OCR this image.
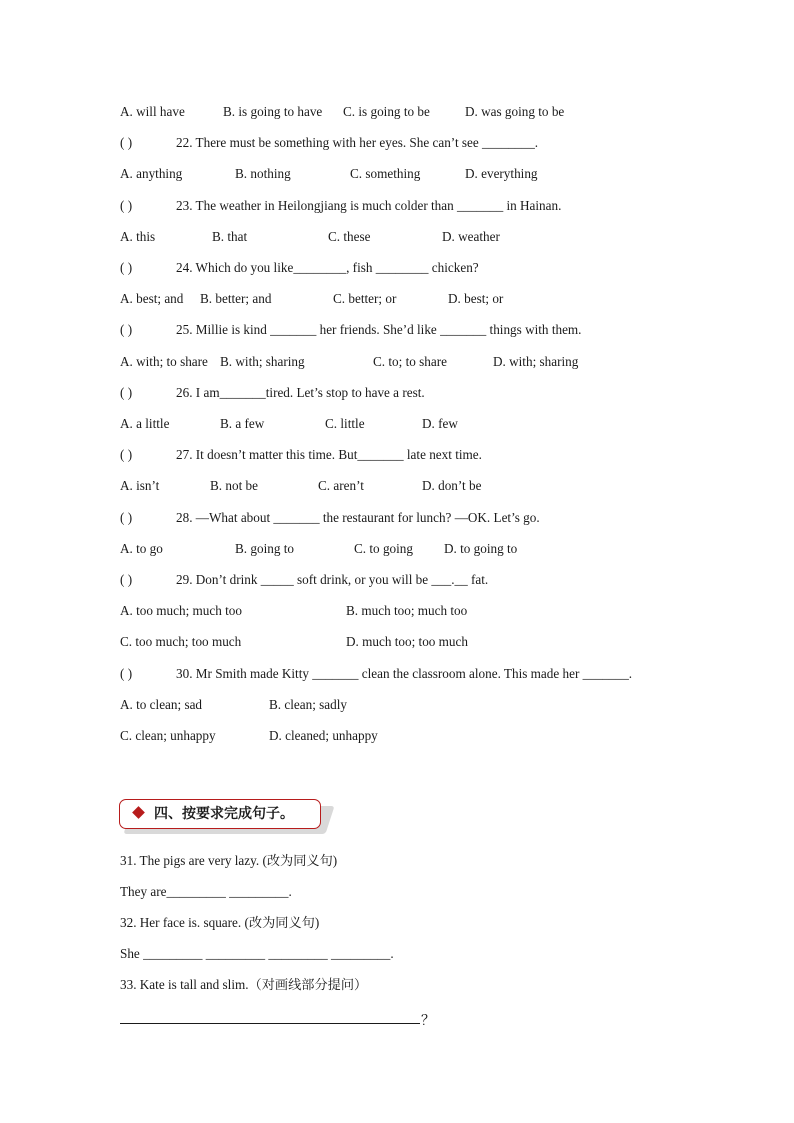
A. will have	B. is going to have C. is going to be	D. was going to be
( )	22. There must be something with her eyes. She can’t see ________.
A. anything	B. nothing	C. something	D. everything
( )	23. The weather in Heilongjiang is much colder than _______ in Hainan.
A. this	B. that	C. these	D. weather
( )	24. Which do you like________, fish ________ chicken?
A. best; and B. better; and	C. better; or	D. best; or
( )	25. Millie is kind _______ her friends. She’d like _______ things with them.
A. with; to share B. with; sharing	C. to; to share	D. with; sharing
( )	26. I am_______tired. Let’s stop to have a rest.
A. a little	B. a few	C. little	D. few
( )	27. It doesn’t matter this time. But_______ late next time.
A. isn’t	B. not be	C. aren’t	D. don’t be
( )	28. —What about _______ the restaurant for lunch? —OK. Let’s go.
A. to go	B. going to	C. to going D. to going to
( )	29. Don’t drink _____ soft drink, or you will be ___.__ fat.
A. too much; much too	B. much too; much too
C. too much; too much	D. much too; too much
( )	30. Mr Smith made Kitty _______ clean the classroom alone. This made her _______.
A. to clean; sad	B. clean; sadly
C. clean; unhappy	D. cleaned; unhappy
四、按要求完成句子。
31. The pigs are very lazy. (改为同义句)
They are_________ _________.
32. Her face is. square. (改为同义句)
She _________ _________ _________ _________.
33. Kate is tall and slim.（对画线部分提问）
？
